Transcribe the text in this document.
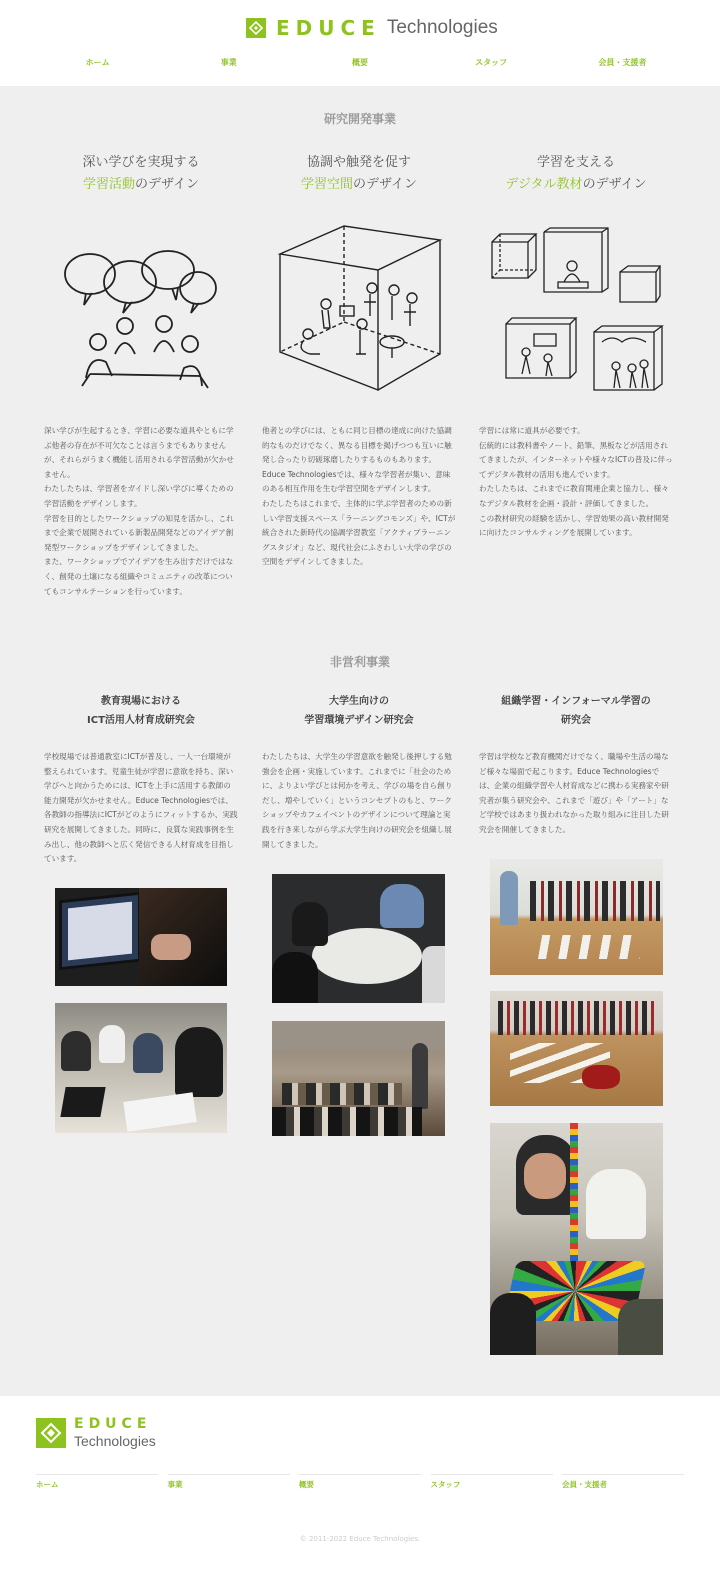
EDUCE Technologies
ホーム	事業	概要	スタッフ	会員・支援者
研究開発事業
深い学びを実現する
学習活動のデザイン
協調や触発を促す
学習空間のデザイン
学習を支える
デジタル教材のデザイン

深い学びが生起するとき、学習に必要な道具やともに学ぶ他者の存在が不可欠なことは言うまでもありませんが、それらがうまく機能し活用される学習活動が欠かせません。

わたしたちは、学習者をガイドし深い学びに導くための学習活動をデザインします。

学習を目的としたワークショップの知見を活かし、これまで企業で展開されている新製品開発などのアイデア創発型ワークショップをデザインしてきました。

また、ワークショップでアイデアを生み出すだけではなく、創発の土壌になる組織やコミュニティの改革についてもコンサルテーションを行っています。

他者との学びには、ともに同じ目標の達成に向けた協調的なものだけでなく、異なる目標を掲げつつも互いに触発し合ったり切磋琢磨したりするものもあります。

Educe Technologiesでは、様々な学習者が集い、意味のある相互作用を生む学習空間をデザインします。

わたしたちはこれまで、主体的に学ぶ学習者のための新しい学習支援スペース「ラーニングコモンズ」や、ICTが統合された新時代の協調学習教室「アクティブラーニングスタジオ」など、現代社会にふさわしい大学の学びの空間をデザインしてきました。

学習には常に道具が必要です。

伝統的には教科書やノート、鉛筆、黒板などが活用されてきましたが、インターネットや様々なICTの普及に伴ってデジタル教材の活用も進んでいます。

わたしたちは、これまでに教育関連企業と協力し、様々なデジタル教材を企画・設計・評価してきました。

この教材研究の経験を活かし、学習効果の高い教材開発に向けたコンサルティングを展開しています。

非営利事業
教育現場における
ICT活用人材育成研究会

学校現場では普通教室にICTが普及し、一人一台環境が整えられています。児童生徒が学習に意欲を持ち、深い学びへと向かうためには、ICTを上手に活用する教師の能力開発が欠かせません。Educe Technologiesでは、各教師の指導法にICTがどのようにフィットするか、実践研究を展開してきました。同時に、良質な実践事例を生み出し、他の教師へと広く発信できる人材育成を目指しています。

大学生向けの
学習環境デザイン研究会

わたしたちは、大学生の学習意欲を触発し後押しする勉強会を企画・実施しています。これまでに「社会のために、よりよい学びとは何かを考え、学びの場を自ら創りだし、増やしていく」というコンセプトのもと、ワークショップやカフェイベントのデザインについて理論と実践を行き来しながら学ぶ大学生向けの研究会を組織し展開してきました。

組織学習・インフォーマル学習の
研究会

学習は学校など教育機関だけでなく、職場や生活の場など様々な場面で起こります。Educe Technologiesでは、企業の組織学習や人材育成などに携わる実務家や研究者が集う研究会や、これまで「遊び」や「アート」など学校ではあまり扱われなかった取り組みに注目した研究会を開催してきました。

EDUCE
Technologies
ホーム	事業	概要	スタッフ	会員・支援者
© 2011-2022 Educe Technologies.
